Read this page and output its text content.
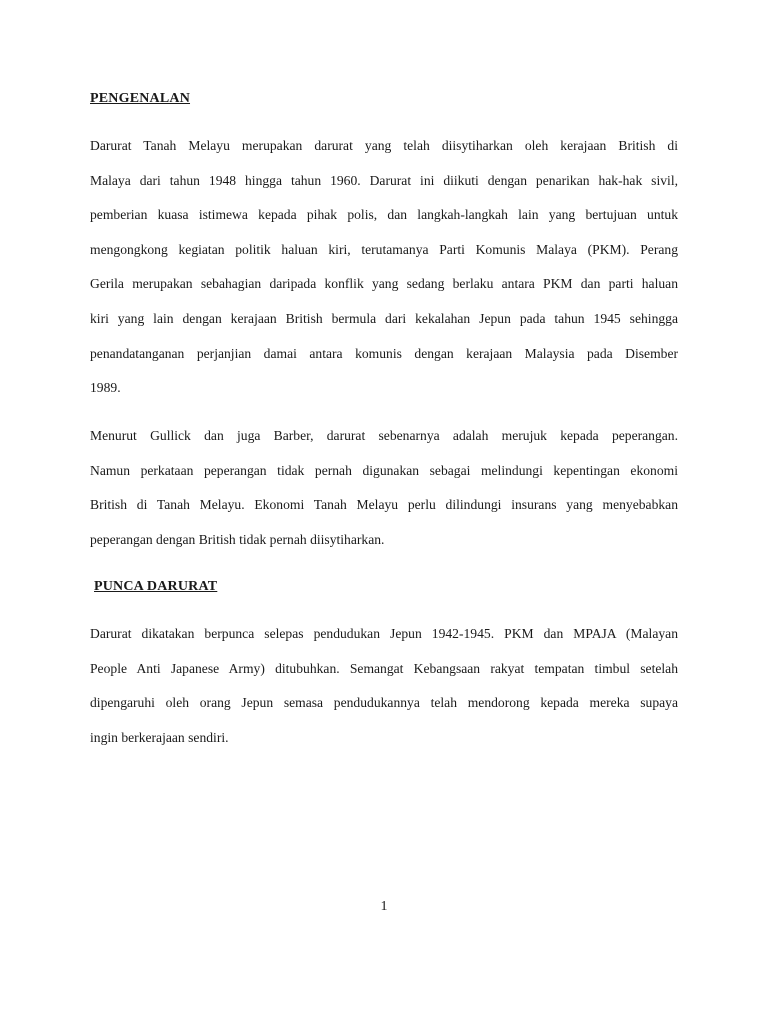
PENGENALAN
Darurat Tanah Melayu merupakan darurat yang telah diisytiharkan oleh kerajaan British di
Malaya dari tahun 1948 hingga tahun 1960. Darurat ini diikuti dengan penarikan hak-hak sivil,
pemberian kuasa istimewa kepada pihak polis, dan langkah-langkah lain yang bertujuan untuk
mengongkong kegiatan politik haluan kiri, terutamanya Parti Komunis Malaya (PKM). Perang
Gerila merupakan sebahagian daripada konflik yang sedang berlaku antara PKM dan parti haluan
kiri yang lain dengan kerajaan British bermula dari kekalahan Jepun pada tahun 1945 sehingga
penandatanganan perjanjian damai antara komunis dengan kerajaan Malaysia pada Disember
1989.
Menurut Gullick dan juga Barber, darurat sebenarnya adalah merujuk kepada peperangan.
Namun perkataan peperangan tidak pernah digunakan sebagai melindungi kepentingan ekonomi
British di Tanah Melayu. Ekonomi Tanah Melayu perlu dilindungi insurans yang menyebabkan
peperangan dengan British tidak pernah diisytiharkan.
PUNCA DARURAT
Darurat dikatakan berpunca selepas pendudukan Jepun 1942-1945. PKM dan MPAJA (Malayan
People Anti Japanese Army) ditubuhkan. Semangat Kebangsaan rakyat tempatan timbul setelah
dipengaruhi oleh orang Jepun semasa pendudukannya telah mendorong kepada mereka supaya
ingin berkerajaan sendiri.
1
